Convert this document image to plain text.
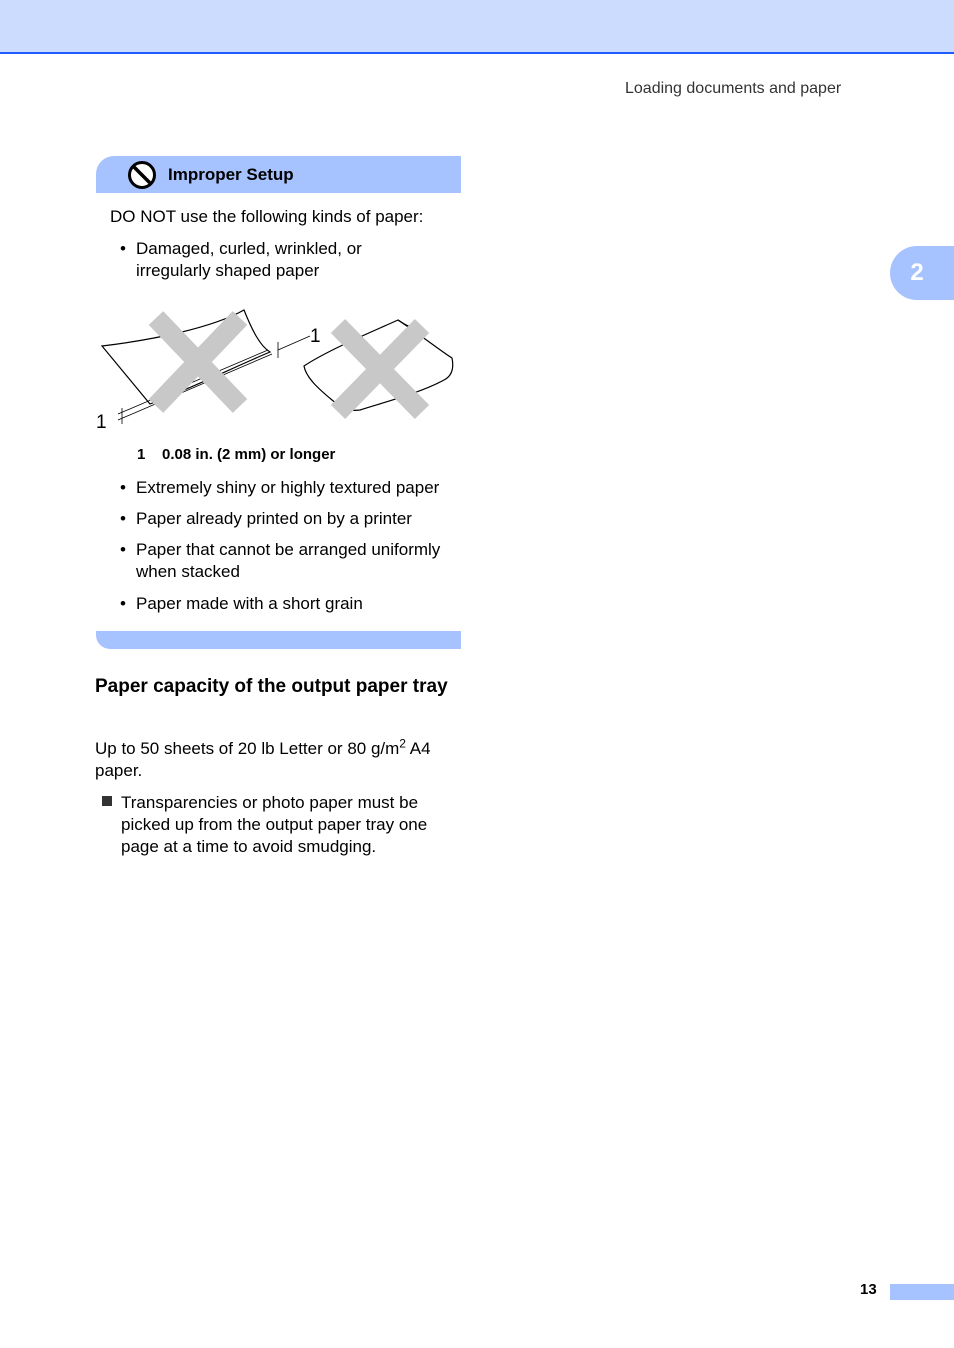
Loading documents and paper
2
Improper Setup
DO NOT use the following kinds of paper:
• Damaged, curled, wrinkled, or irregularly shaped paper
1
1
1 0.08 in. (2 mm) or longer
• Extremely shiny or highly textured paper
• Paper already printed on by a printer
• Paper that cannot be arranged uniformly when stacked
• Paper made with a short grain
Paper capacity of the output paper tray
Up to 50 sheets of 20 lb Letter or 80 $g/m^2$ A4 paper.
Transparencies or photo paper must be picked up from the output paper tray one page at a time to avoid smudging.
13
